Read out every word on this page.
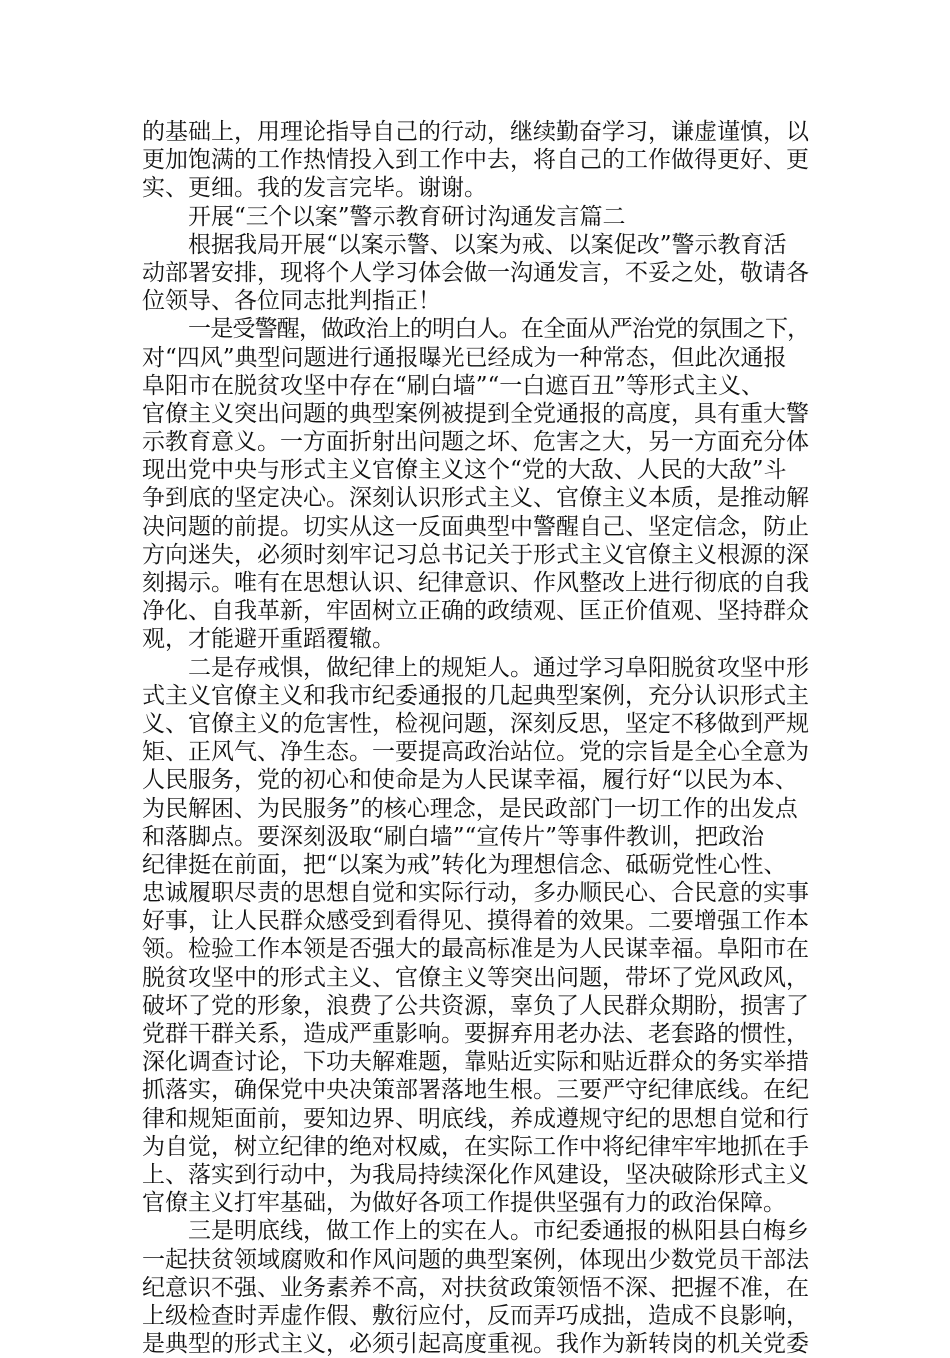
的基础上，用理论指导自己的行动，继续勤奋学习，谦虚谨慎，以
更加饱满的工作热情投入到工作中去，将自己的工作做得更好、更
实、更细。我的发言完毕。谢谢。
开展“三个以案”警示教育研讨沟通发言篇二
根据我局开展“以案示警、以案为戒、以案促改”警示教育活
动部署安排，现将个人学习体会做一沟通发言，不妥之处，敬请各
位领导、各位同志批判指正！
一是受警醒，做政治上的明白人。在全面从严治党的氛围之下，
对“四风”典型问题进行通报曝光已经成为一种常态，但此次通报
阜阳市在脱贫攻坚中存在“刷白墙”“一白遮百丑”等形式主义、
官僚主义突出问题的典型案例被提到全党通报的高度，具有重大警
示教育意义。一方面折射出问题之坏、危害之大，另一方面充分体
现出党中央与形式主义官僚主义这个“党的大敌、人民的大敌”斗
争到底的坚定决心。深刻认识形式主义、官僚主义本质，是推动解
决问题的前提。切实从这一反面典型中警醒自己、坚定信念，防止
方向迷失，必须时刻牢记习总书记关于形式主义官僚主义根源的深
刻揭示。唯有在思想认识、纪律意识、作风整改上进行彻底的自我
净化、自我革新，牢固树立正确的政绩观、匡正价值观、坚持群众
观，才能避开重蹈覆辙。
二是存戒惧，做纪律上的规矩人。通过学习阜阳脱贫攻坚中形
式主义官僚主义和我市纪委通报的几起典型案例，充分认识形式主
义、官僚主义的危害性，检视问题，深刻反思，坚定不移做到严规
矩、正风气、净生态。一要提高政治站位。党的宗旨是全心全意为
人民服务，党的初心和使命是为人民谋幸福，履行好“以民为本、
为民解困、为民服务”的核心理念，是民政部门一切工作的出发点
和落脚点。要深刻汲取“刷白墙”“宣传片”等事件教训，把政治
纪律挺在前面，把“以案为戒”转化为理想信念、砥砺党性心性、
忠诚履职尽责的思想自觉和实际行动，多办顺民心、合民意的实事
好事，让人民群众感受到看得见、摸得着的效果。二要增强工作本
领。检验工作本领是否强大的最高标准是为人民谋幸福。阜阳市在
脱贫攻坚中的形式主义、官僚主义等突出问题，带坏了党风政风，
破坏了党的形象，浪费了公共资源，辜负了人民群众期盼，损害了
党群干群关系，造成严重影响。要摒弃用老办法、老套路的惯性，
深化调查讨论，下功夫解难题，靠贴近实际和贴近群众的务实举措
抓落实，确保党中央决策部署落地生根。三要严守纪律底线。在纪
律和规矩面前，要知边界、明底线，养成遵规守纪的思想自觉和行
为自觉，树立纪律的绝对权威，在实际工作中将纪律牢牢地抓在手
上、落实到行动中，为我局持续深化作风建设，坚决破除形式主义
官僚主义打牢基础，为做好各项工作提供坚强有力的政治保障。
三是明底线，做工作上的实在人。市纪委通报的枞阳县白梅乡
一起扶贫领域腐败和作风问题的典型案例，体现出少数党员干部法
纪意识不强、业务素养不高，对扶贫政策领悟不深、把握不准，在
上级检查时弄虚作假、敷衍应付，反而弄巧成拙，造成不良影响，
是典型的形式主义，必须引起高度重视。我作为新转岗的机关党委
